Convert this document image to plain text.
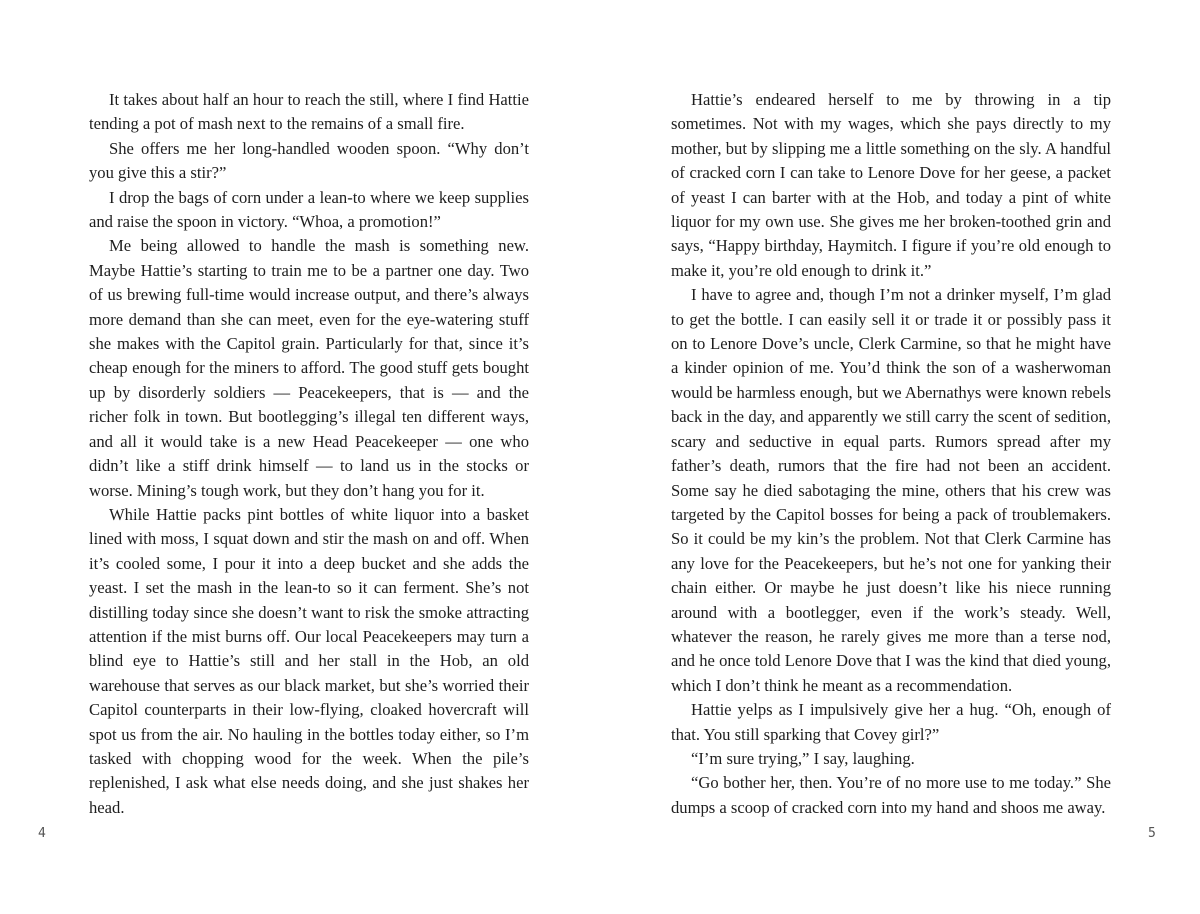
It takes about half an hour to reach the still, where I find Hattie tending a pot of mash next to the remains of a small fire.

She offers me her long-handled wooden spoon. “Why don’t you give this a stir?”

I drop the bags of corn under a lean-to where we keep supplies and raise the spoon in victory. “Whoa, a promotion!”

Me being allowed to handle the mash is something new. Maybe Hattie’s starting to train me to be a partner one day. Two of us brewing full-time would increase output, and there’s always more demand than she can meet, even for the eye-watering stuff she makes with the Capitol grain. Particularly for that, since it’s cheap enough for the miners to afford. The good stuff gets bought up by disorderly soldiers — Peacekeepers, that is — and the richer folk in town. But bootlegging’s illegal ten different ways, and all it would take is a new Head Peacekeeper — one who didn’t like a stiff drink himself — to land us in the stocks or worse. Mining’s tough work, but they don’t hang you for it.

While Hattie packs pint bottles of white liquor into a basket lined with moss, I squat down and stir the mash on and off. When it’s cooled some, I pour it into a deep bucket and she adds the yeast. I set the mash in the lean-to so it can ferment. She’s not distilling today since she doesn’t want to risk the smoke attracting attention if the mist burns off. Our local Peacekeepers may turn a blind eye to Hattie’s still and her stall in the Hob, an old warehouse that serves as our black market, but she’s worried their Capitol counterparts in their low-flying, cloaked hovercraft will spot us from the air. No hauling in the bottles today either, so I’m tasked with chopping wood for the week. When the pile’s replenished, I ask what else needs doing, and she just shakes her head.

4

Hattie’s endeared herself to me by throwing in a tip sometimes. Not with my wages, which she pays directly to my mother, but by slipping me a little something on the sly. A handful of cracked corn I can take to Lenore Dove for her geese, a packet of yeast I can barter with at the Hob, and today a pint of white liquor for my own use. She gives me her broken-toothed grin and says, “Happy birthday, Haymitch. I figure if you’re old enough to make it, you’re old enough to drink it.”

I have to agree and, though I’m not a drinker myself, I’m glad to get the bottle. I can easily sell it or trade it or possibly pass it on to Lenore Dove’s uncle, Clerk Carmine, so that he might have a kinder opinion of me. You’d think the son of a washerwoman would be harmless enough, but we Abernathys were known rebels back in the day, and apparently we still carry the scent of sedition, scary and seductive in equal parts. Rumors spread after my father’s death, rumors that the fire had not been an accident. Some say he died sabotaging the mine, others that his crew was targeted by the Capitol bosses for being a pack of troublemakers. So it could be my kin’s the problem. Not that Clerk Carmine has any love for the Peacekeepers, but he’s not one for yanking their chain either. Or maybe he just doesn’t like his niece running around with a bootlegger, even if the work’s steady. Well, whatever the reason, he rarely gives me more than a terse nod, and he once told Lenore Dove that I was the kind that died young, which I don’t think he meant as a recommendation.

Hattie yelps as I impulsively give her a hug. “Oh, enough of that. You still sparking that Covey girl?”

“I’m sure trying,” I say, laughing.

“Go bother her, then. You’re of no more use to me today.” She dumps a scoop of cracked corn into my hand and shoos me away.

5
